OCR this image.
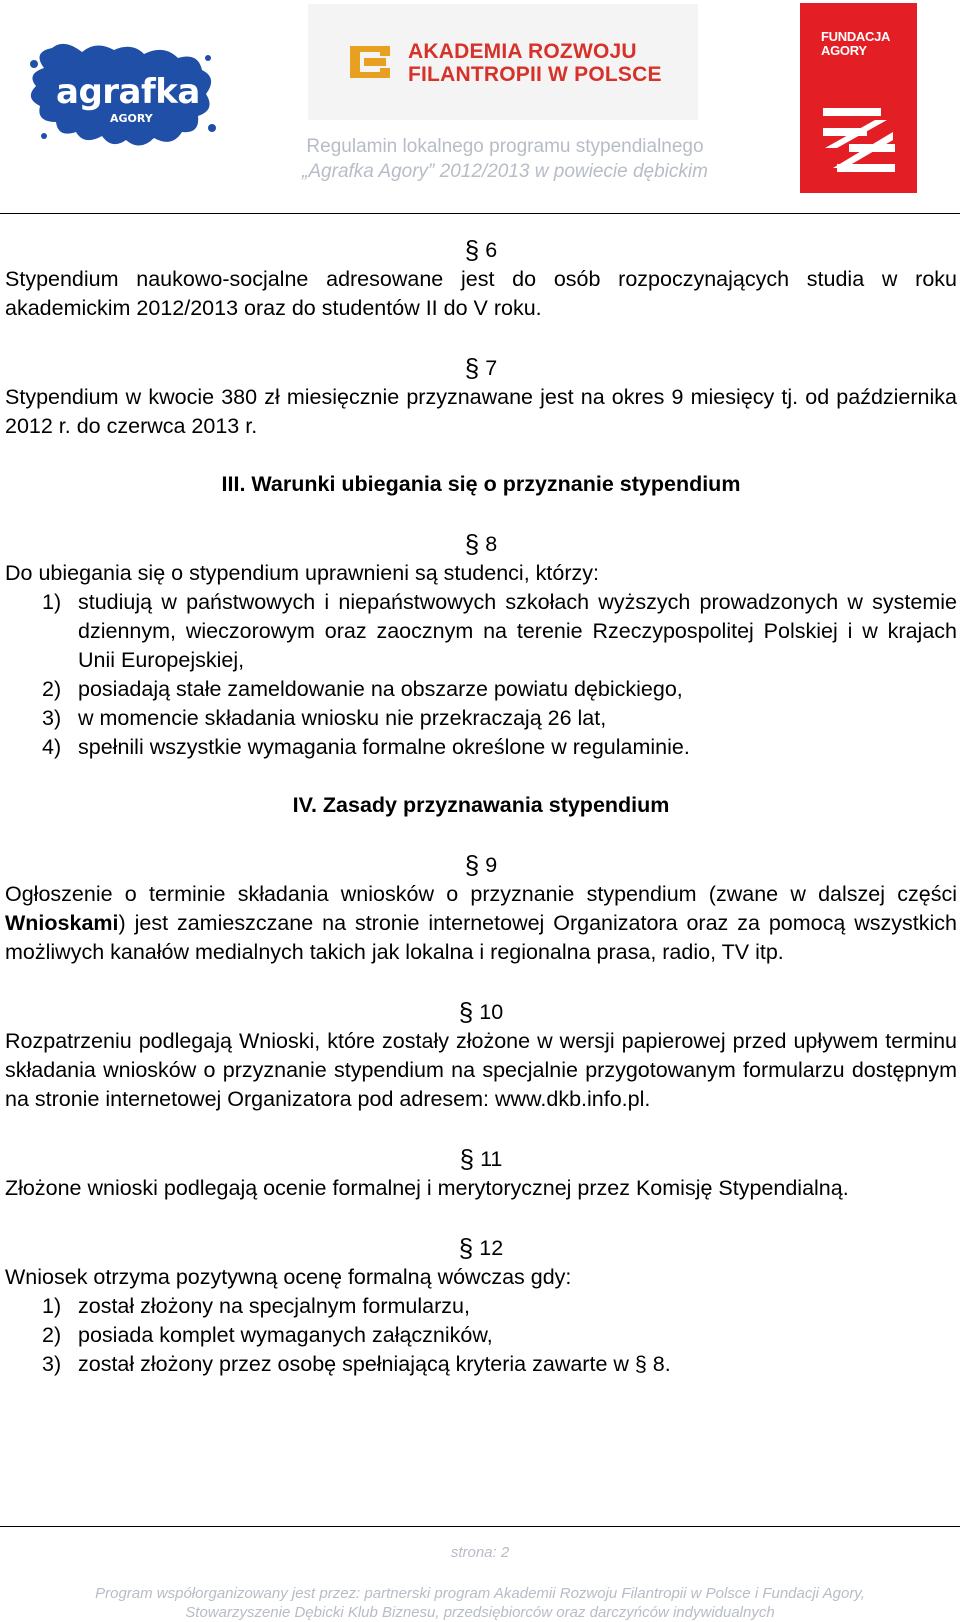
agrafka
AGORY
AKADEMIA ROZWOJU
FILANTROPII W POLSCE
FUNDACJA
AGORY
Regulamin lokalnego programu stypendialnego
„Agrafka Agory” 2012/2013 w powiecie dębickim
§ 6

Stypendium naukowo-socjalne adresowane jest do osób rozpoczynających studia w roku akademickim 2012/2013 oraz do studentów II do V roku.

§ 7

Stypendium w kwocie 380 zł miesięcznie przyznawane jest na okres 9 miesięcy tj. od października 2012 r. do czerwca 2013 r.

III. Warunki ubiegania się o przyznanie stypendium

§ 8

Do ubiegania się o stypendium uprawnieni są studenci, którzy:

1) studiują w państwowych i niepaństwowych szkołach wyższych prowadzonych w systemie dziennym, wieczorowym oraz zaocznym na terenie Rzeczypospolitej Polskiej i w krajach Unii Europejskiej,
2) posiadają stałe zameldowanie na obszarze powiatu dębickiego,
3) w momencie składania wniosku nie przekraczają 26 lat,
4) spełnili wszystkie wymagania formalne określone w regulaminie.

IV. Zasady przyznawania stypendium

§ 9

Ogłoszenie o terminie składania wniosków o przyznanie stypendium (zwane w dalszej części Wnioskami) jest zamieszczane na stronie internetowej Organizatora oraz za pomocą wszystkich możliwych kanałów medialnych takich jak lokalna i regionalna prasa, radio, TV itp.

§ 10

Rozpatrzeniu podlegają Wnioski, które zostały złożone w wersji papierowej przed upływem terminu składania wniosków o przyznanie stypendium na specjalnie przygotowanym formularzu dostępnym na stronie internetowej Organizatora pod adresem: www.dkb.info.pl.

§ 11

Złożone wnioski podlegają ocenie formalnej i merytorycznej przez Komisję Stypendialną.

§ 12

Wniosek otrzyma pozytywną ocenę formalną wówczas gdy:

1) został złożony na specjalnym formularzu,
2) posiada komplet wymaganych załączników,
3) został złożony przez osobę spełniającą kryteria zawarte w § 8.
strona: 2
Program współorganizowany jest przez: partnerski program Akademii Rozwoju Filantropii w Polsce i Fundacji Agory,
Stowarzyszenie Dębicki Klub Biznesu, przedsiębiorców oraz darczyńców indywidualnych
